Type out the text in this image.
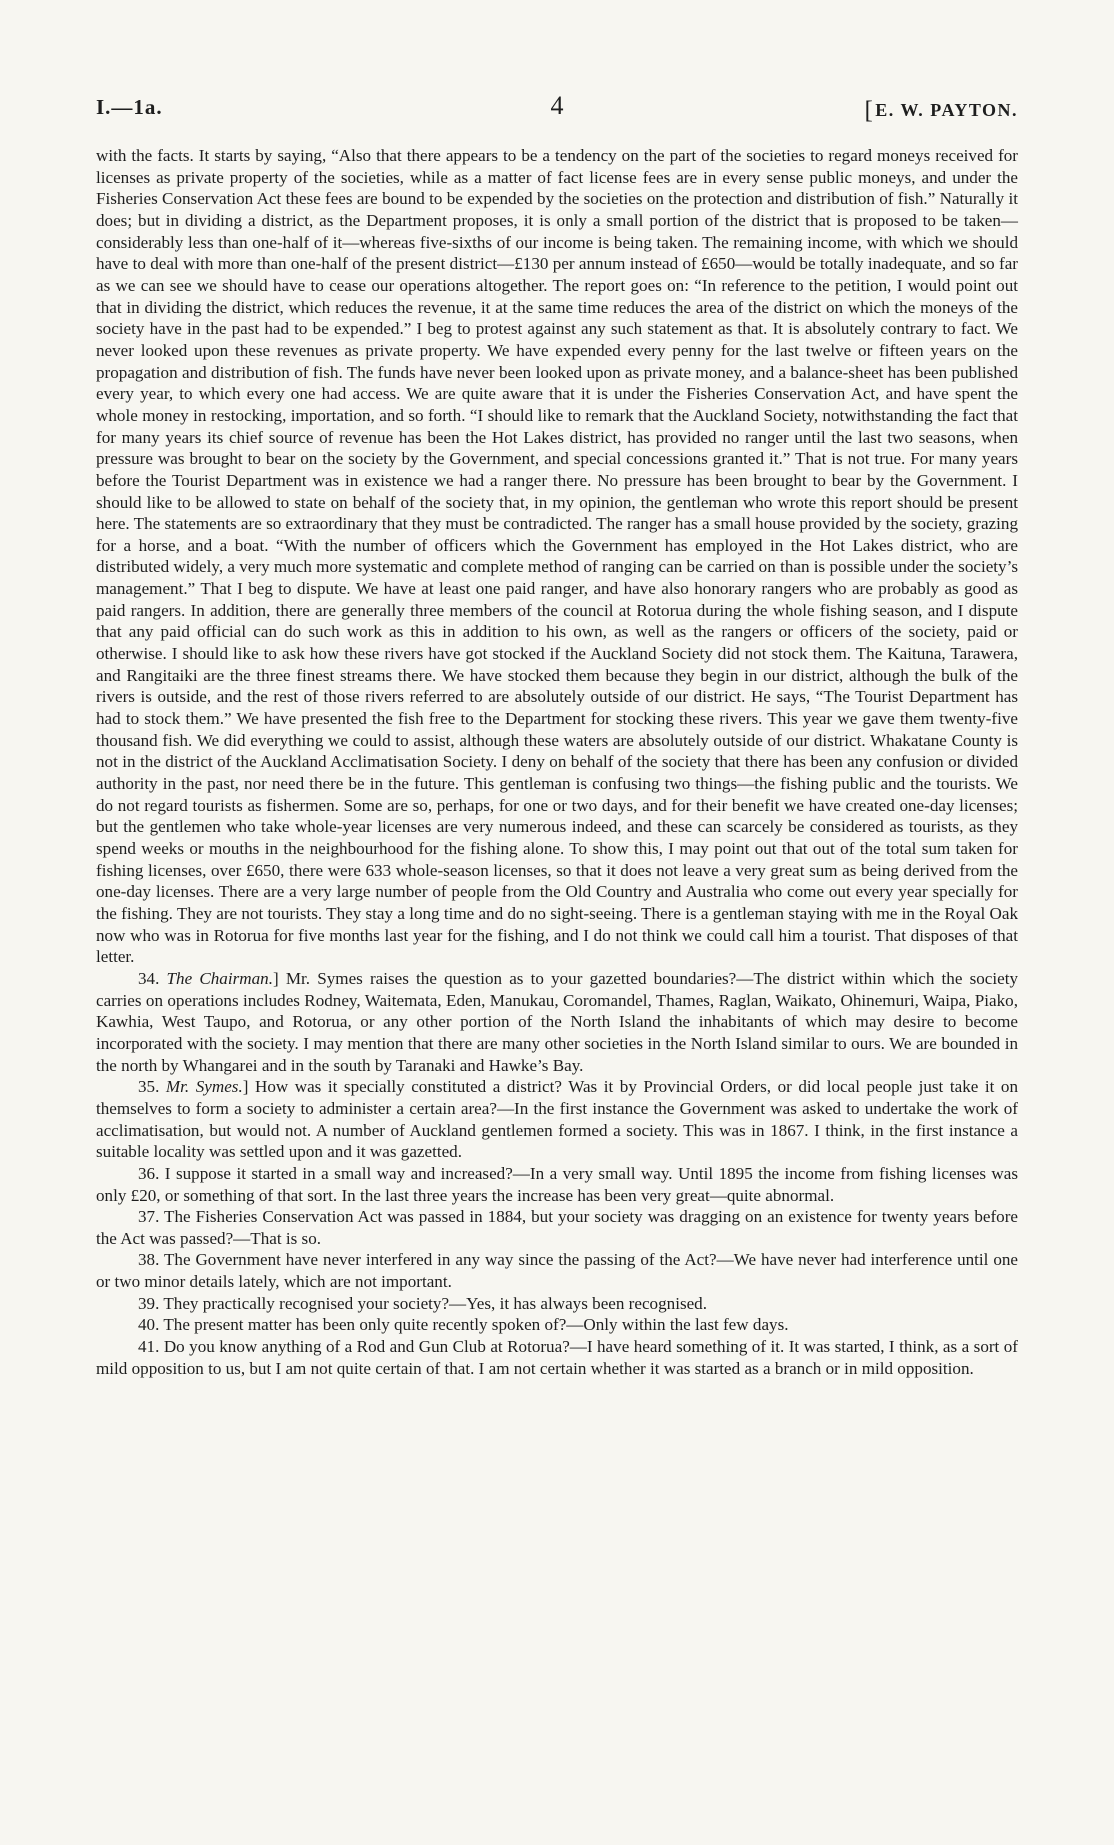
I.—1a.	4	[E. W. PAYTON.

with the facts. It starts by saying, “Also that there appears to be a tendency on the part of the societies to regard moneys received for licenses as private property of the societies, while as a matter of fact license fees are in every sense public moneys, and under the Fisheries Conservation Act these fees are bound to be expended by the societies on the protection and distribution of fish.” Naturally it does; but in dividing a district, as the Department proposes, it is only a small portion of the district that is proposed to be taken—considerably less than one-half of it—whereas five-sixths of our income is being taken. The remaining income, with which we should have to deal with more than one-half of the present district—£130 per annum instead of £650—would be totally inadequate, and so far as we can see we should have to cease our operations altogether. The report goes on: “In reference to the petition, I would point out that in dividing the district, which reduces the revenue, it at the same time reduces the area of the district on which the moneys of the society have in the past had to be expended.” I beg to protest against any such statement as that. It is absolutely contrary to fact. We never looked upon these revenues as private property. We have expended every penny for the last twelve or fifteen years on the propagation and distribution of fish. The funds have never been looked upon as private money, and a balance-sheet has been published every year, to which every one had access. We are quite aware that it is under the Fisheries Conservation Act, and have spent the whole money in restocking, importation, and so forth. “I should like to remark that the Auckland Society, notwithstanding the fact that for many years its chief source of revenue has been the Hot Lakes district, has provided no ranger until the last two seasons, when pressure was brought to bear on the society by the Government, and special concessions granted it.” That is not true. For many years before the Tourist Department was in existence we had a ranger there. No pressure has been brought to bear by the Government. I should like to be allowed to state on behalf of the society that, in my opinion, the gentleman who wrote this report should be present here. The statements are so extraordinary that they must be contradicted. The ranger has a small house provided by the society, grazing for a horse, and a boat. “With the number of officers which the Government has employed in the Hot Lakes district, who are distributed widely, a very much more systematic and complete method of ranging can be carried on than is possible under the society’s management.” That I beg to dispute. We have at least one paid ranger, and have also honorary rangers who are probably as good as paid rangers. In addition, there are generally three members of the council at Rotorua during the whole fishing season, and I dispute that any paid official can do such work as this in addition to his own, as well as the rangers or officers of the society, paid or otherwise. I should like to ask how these rivers have got stocked if the Auckland Society did not stock them. The Kaituna, Tarawera, and Rangitaiki are the three finest streams there. We have stocked them because they begin in our district, although the bulk of the rivers is outside, and the rest of those rivers referred to are absolutely outside of our district. He says, “The Tourist Department has had to stock them.” We have presented the fish free to the Department for stocking these rivers. This year we gave them twenty-five thousand fish. We did everything we could to assist, although these waters are absolutely outside of our district. Whakatane County is not in the district of the Auckland Acclimatisation Society. I deny on behalf of the society that there has been any confusion or divided authority in the past, nor need there be in the future. This gentleman is confusing two things—the fishing public and the tourists. We do not regard tourists as fishermen. Some are so, perhaps, for one or two days, and for their benefit we have created one-day licenses; but the gentlemen who take whole-year licenses are very numerous indeed, and these can scarcely be considered as tourists, as they spend weeks or mouths in the neighbourhood for the fishing alone. To show this, I may point out that out of the total sum taken for fishing licenses, over £650, there were 633 whole-season licenses, so that it does not leave a very great sum as being derived from the one-day licenses. There are a very large number of people from the Old Country and Australia who come out every year specially for the fishing. They are not tourists. They stay a long time and do no sight-seeing. There is a gentleman staying with me in the Royal Oak now who was in Rotorua for five months last year for the fishing, and I do not think we could call him a tourist. That disposes of that letter.

34. The Chairman.] Mr. Symes raises the question as to your gazetted boundaries?—The district within which the society carries on operations includes Rodney, Waitemata, Eden, Manukau, Coromandel, Thames, Raglan, Waikato, Ohinemuri, Waipa, Piako, Kawhia, West Taupo, and Rotorua, or any other portion of the North Island the inhabitants of which may desire to become incorporated with the society. I may mention that there are many other societies in the North Island similar to ours. We are bounded in the north by Whangarei and in the south by Taranaki and Hawke’s Bay.

35. Mr. Symes.] How was it specially constituted a district? Was it by Provincial Orders, or did local people just take it on themselves to form a society to administer a certain area?—In the first instance the Government was asked to undertake the work of acclimatisation, but would not. A number of Auckland gentlemen formed a society. This was in 1867. I think, in the first instance a suitable locality was settled upon and it was gazetted.

36. I suppose it started in a small way and increased?—In a very small way. Until 1895 the income from fishing licenses was only £20, or something of that sort. In the last three years the increase has been very great—quite abnormal.

37. The Fisheries Conservation Act was passed in 1884, but your society was dragging on an existence for twenty years before the Act was passed?—That is so.

38. The Government have never interfered in any way since the passing of the Act?—We have never had interference until one or two minor details lately, which are not important.

39. They practically recognised your society?—Yes, it has always been recognised.

40. The present matter has been only quite recently spoken of?—Only within the last few days.

41. Do you know anything of a Rod and Gun Club at Rotorua?—I have heard something of it. It was started, I think, as a sort of mild opposition to us, but I am not quite certain of that. I am not certain whether it was started as a branch or in mild opposition.
